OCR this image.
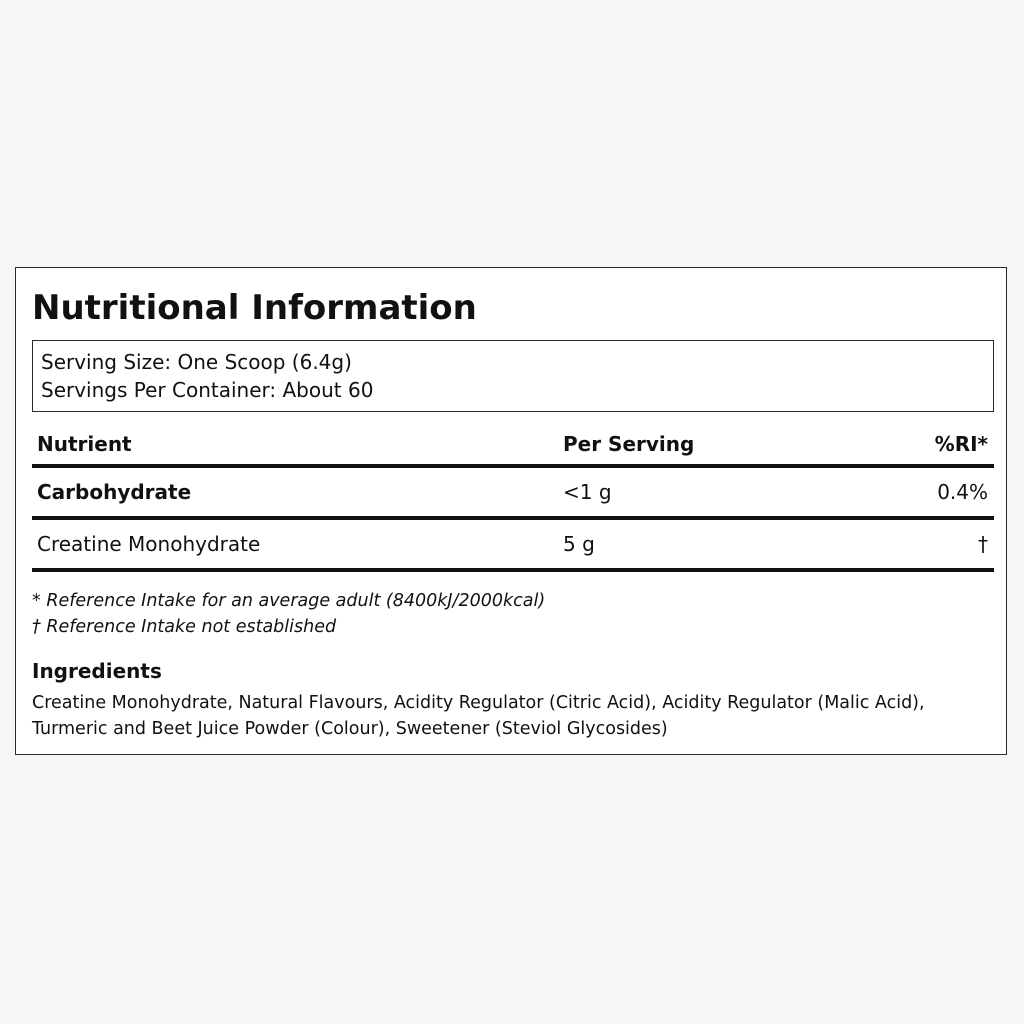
Nutritional Information
Serving Size: One Scoop (6.4g)
Servings Per Container: About 60
Nutrient	Per Serving	%RI*
Carbohydrate	<1 g	0.4%
Creatine Monohydrate	5 g	†
* Reference Intake for an average adult (8400kJ/2000kcal)
† Reference Intake not established
Ingredients
Creatine Monohydrate, Natural Flavours, Acidity Regulator (Citric Acid), Acidity Regulator (Malic Acid),
Turmeric and Beet Juice Powder (Colour), Sweetener (Steviol Glycosides)
